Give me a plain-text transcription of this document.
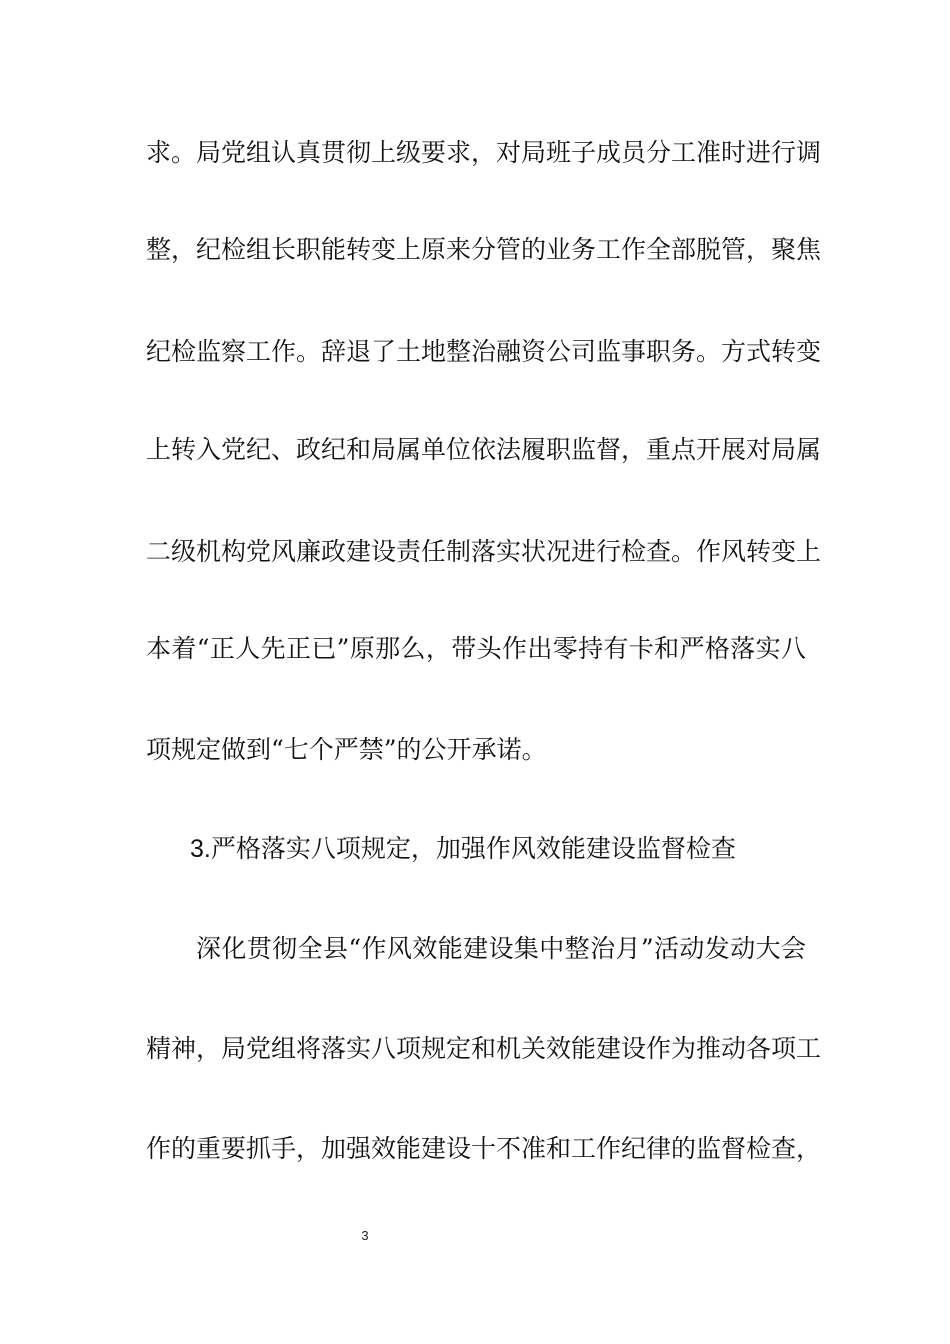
求。局党组认真贯彻上级要求，对局班子成员分工准时进行调
整，纪检组长职能转变上原来分管的业务工作全部脱管，聚焦
纪检监察工作。辞退了土地整治融资公司监事职务。方式转变
上转入党纪、政纪和局属单位依法履职监督，重点开展对局属
二级机构党风廉政建设责任制落实状况进行检查。作风转变上
本着“正人先正已”原那么，带头作出零持有卡和严格落实八
项规定做到“七个严禁”的公开承诺。
3.严格落实八项规定，加强作风效能建设监督检查
深化贯彻全县“作风效能建设集中整治月”活动发动大会
精神，局党组将落实八项规定和机关效能建设作为推动各项工
作的重要抓手，加强效能建设十不准和工作纪律的监督检查，
3
